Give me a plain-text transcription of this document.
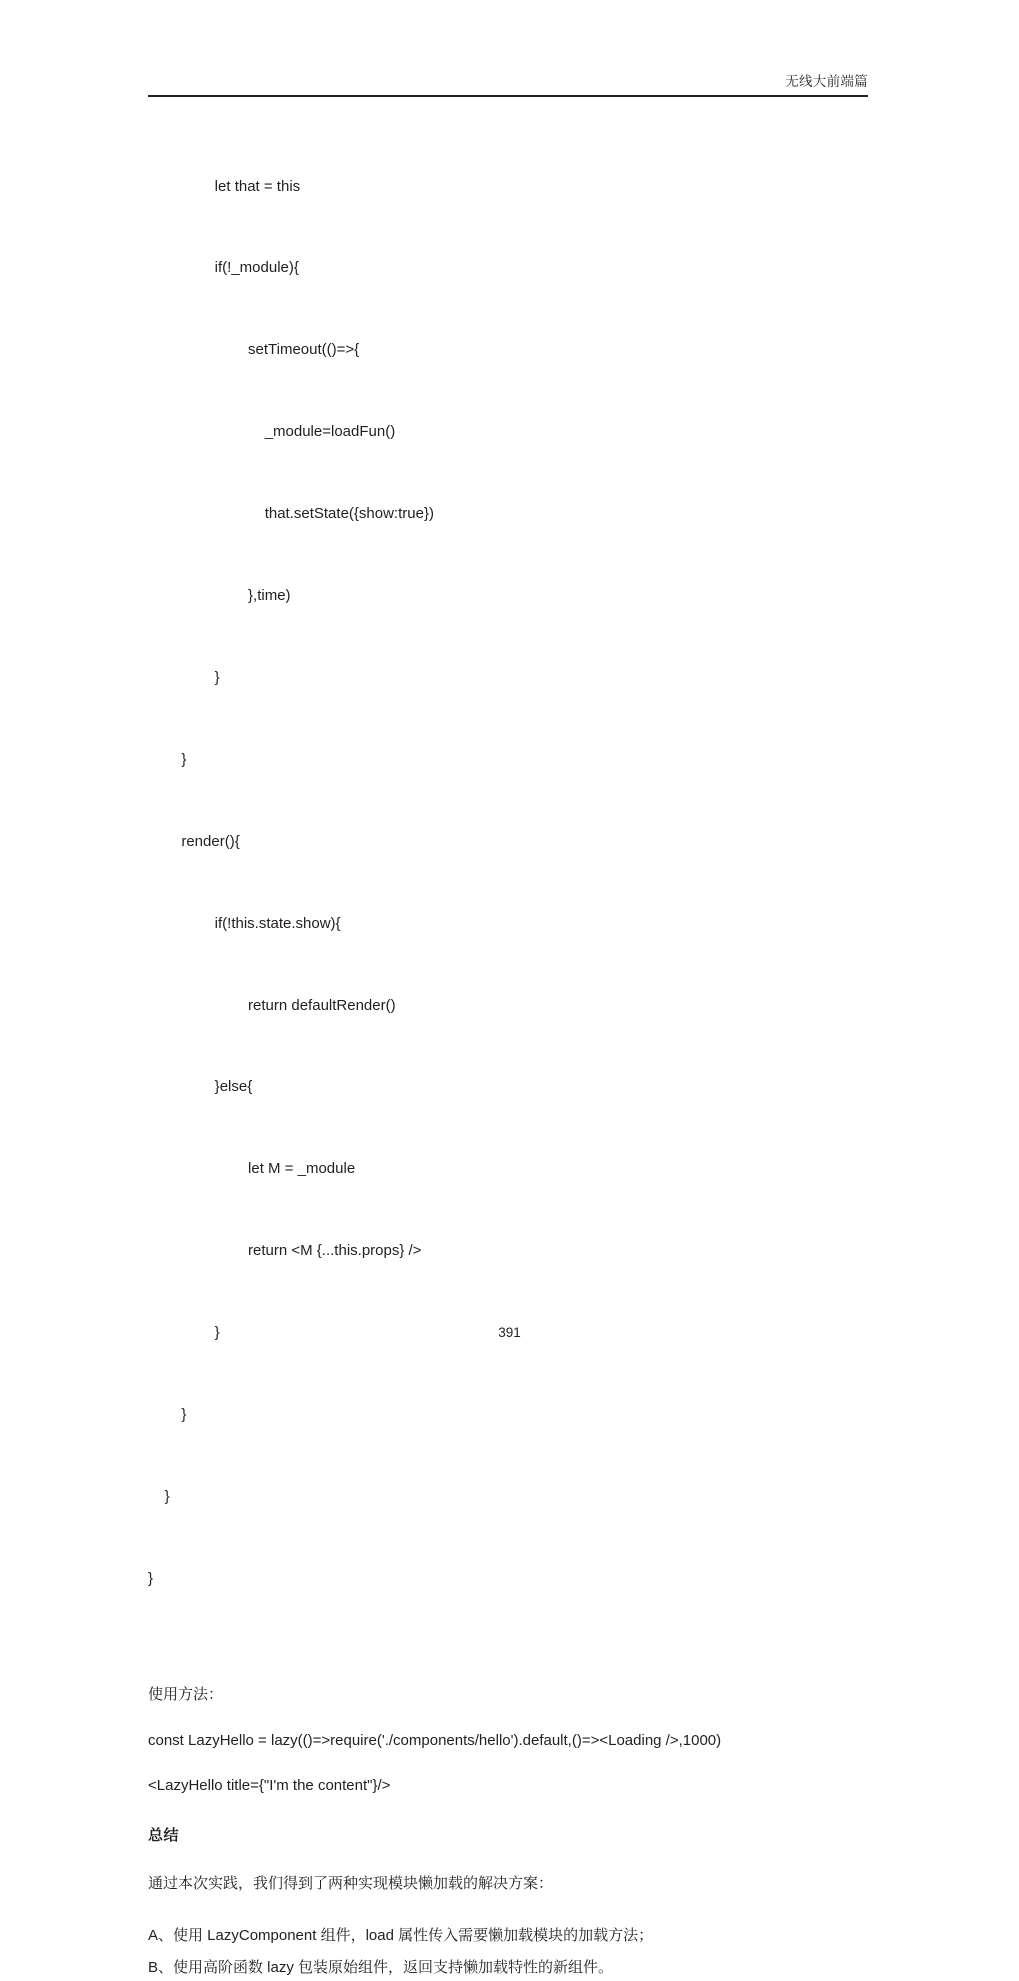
无线大前端篇

let that = this

if(!_module){

setTimeout(()=>{

_module=loadFun()

that.setState({show:true})

},time)

}

}

render(){

if(!this.state.show){

return defaultRender()

}else{

let M = _module

return <M {...this.props} />

}

}

}

}

使用方法：
const LazyHello = lazy(()=>require('./components/hello').default,()=><Loading />,1000)
<LazyHello title={"I'm the content"}/>
总结
通过本次实践，我们得到了两种实现模块懒加载的解决方案：
A、使用 LazyComponent 组件，load 属性传入需要懒加载模块的加载方法；
B、使用高阶函数 lazy 包装原始组件，返回支持懒加载特性的新组件。
391
